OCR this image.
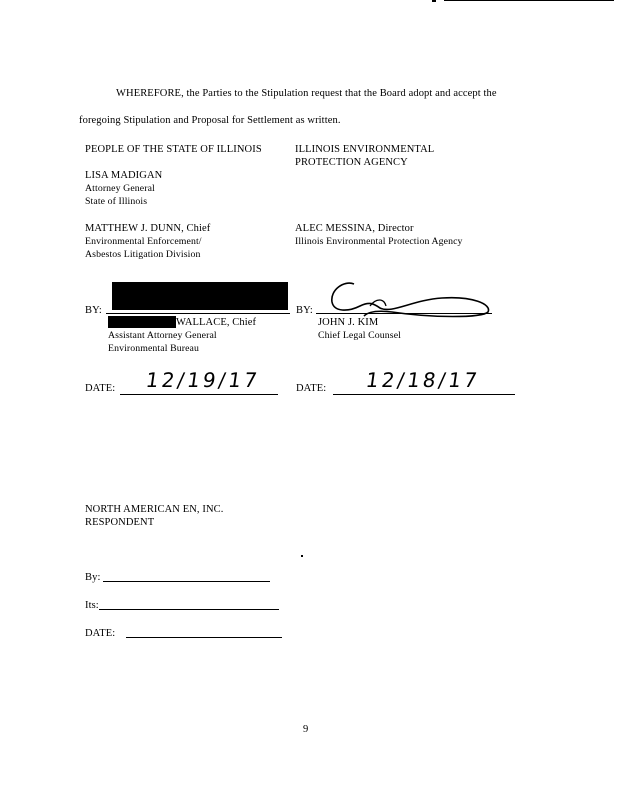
WHEREFORE, the Parties to the Stipulation request that the Board adopt and accept the
foregoing Stipulation and Proposal for Settlement as written.
PEOPLE OF THE STATE OF ILLINOIS
LISA MADIGAN
Attorney General
State of Illinois
MATTHEW J. DUNN, Chief
Environmental Enforcement/
Asbestos Litigation Division
BY:
WALLACE, Chief
Assistant Attorney General
Environmental Bureau
DATE: 12/19/17
ILLINOIS ENVIRONMENTAL
PROTECTION AGENCY
ALEC MESSINA, Director
Illinois Environmental Protection Agency
BY:
JOHN J. KIM
Chief Legal Counsel
DATE: 12/18/17
NORTH AMERICAN EN, INC.
RESPONDENT
By:
Its:
DATE:
9
